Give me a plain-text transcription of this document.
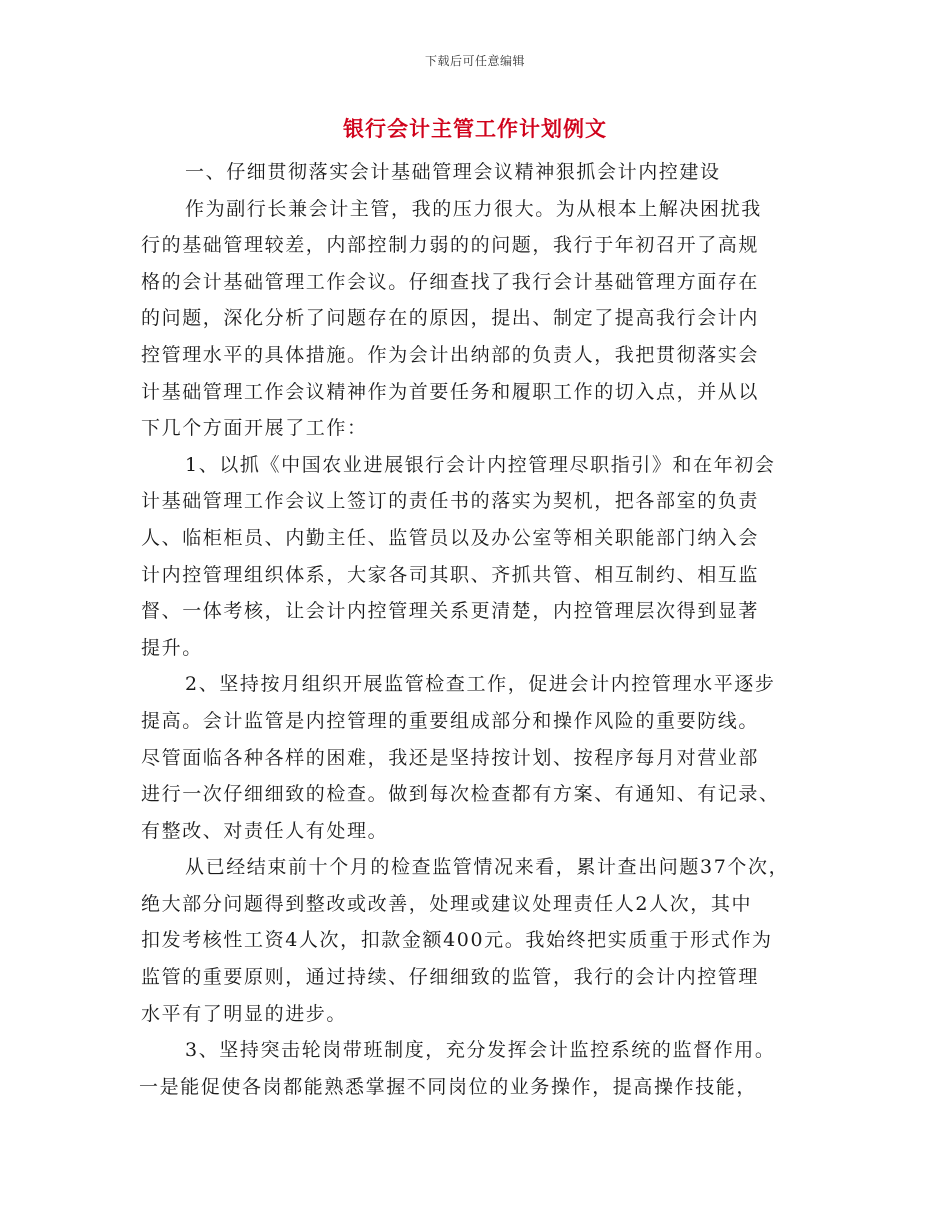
下载后可任意编辑
银行会计主管工作计划例文
一、仔细贯彻落实会计基础管理会议精神狠抓会计内控建设
作为副行长兼会计主管，我的压力很大。为从根本上解决困扰我
行的基础管理较差，内部控制力弱的的问题，我行于年初召开了高规
格的会计基础管理工作会议。仔细查找了我行会计基础管理方面存在
的问题，深化分析了问题存在的原因，提出、制定了提高我行会计内
控管理水平的具体措施。作为会计出纳部的负责人，我把贯彻落实会
计基础管理工作会议精神作为首要任务和履职工作的切入点，并从以
下几个方面开展了工作：
1、以抓《中国农业进展银行会计内控管理尽职指引》和在年初会
计基础管理工作会议上签订的责任书的落实为契机，把各部室的负责
人、临柜柜员、内勤主任、监管员以及办公室等相关职能部门纳入会
计内控管理组织体系，大家各司其职、齐抓共管、相互制约、相互监
督、一体考核，让会计内控管理关系更清楚，内控管理层次得到显著
提升。
2、坚持按月组织开展监管检查工作，促进会计内控管理水平逐步
提高。会计监管是内控管理的重要组成部分和操作风险的重要防线。
尽管面临各种各样的困难，我还是坚持按计划、按程序每月对营业部
进行一次仔细细致的检查。做到每次检查都有方案、有通知、有记录、
有整改、对责任人有处理。
从已经结束前十个月的检查监管情况来看，累计查出问题37个次，
绝大部分问题得到整改或改善，处理或建议处理责任人2人次，其中
扣发考核性工资4人次，扣款金额400元。我始终把实质重于形式作为
监管的重要原则，通过持续、仔细细致的监管，我行的会计内控管理
水平有了明显的进步。
3、坚持突击轮岗带班制度，充分发挥会计监控系统的监督作用。
一是能促使各岗都能熟悉掌握不同岗位的业务操作，提高操作技能，
